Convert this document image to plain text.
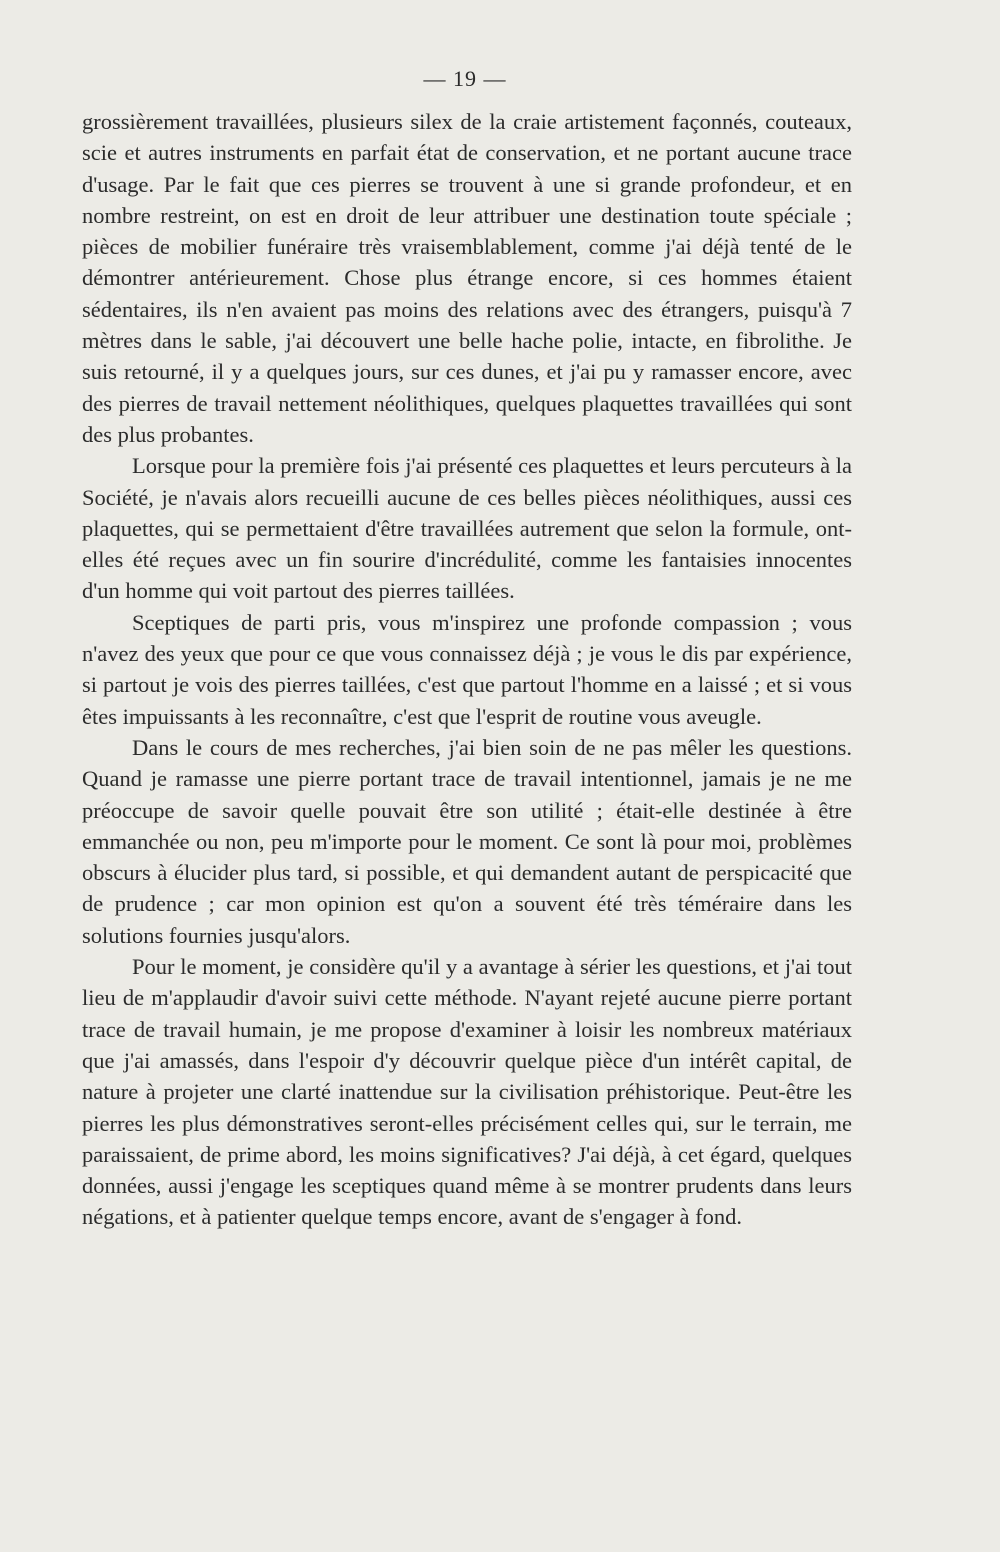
— 19 —

grossièrement travaillées, plusieurs silex de la craie artistement façonnés, couteaux, scie et autres instruments en parfait état de conservation, et ne portant aucune trace d'usage. Par le fait que ces pierres se trouvent à une si grande profondeur, et en nombre restreint, on est en droit de leur attribuer une destination toute spéciale ; pièces de mobilier funéraire très vraisemblablement, comme j'ai déjà tenté de le démontrer antérieurement. Chose plus étrange encore, si ces hommes étaient sédentaires, ils n'en avaient pas moins des relations avec des étrangers, puisqu'à 7 mètres dans le sable, j'ai découvert une belle hache polie, intacte, en fibrolithe. Je suis retourné, il y a quelques jours, sur ces dunes, et j'ai pu y ramasser encore, avec des pierres de travail nettement néolithiques, quelques plaquettes travaillées qui sont des plus probantes.

Lorsque pour la première fois j'ai présenté ces plaquettes et leurs percuteurs à la Société, je n'avais alors recueilli aucune de ces belles pièces néolithiques, aussi ces plaquettes, qui se permettaient d'être travaillées autrement que selon la formule, ont-elles été reçues avec un fin sourire d'incrédulité, comme les fantaisies innocentes d'un homme qui voit partout des pierres taillées.

Sceptiques de parti pris, vous m'inspirez une profonde compassion ; vous n'avez des yeux que pour ce que vous connaissez déjà ; je vous le dis par expérience, si partout je vois des pierres taillées, c'est que partout l'homme en a laissé ; et si vous êtes impuissants à les reconnaître, c'est que l'esprit de routine vous aveugle.

Dans le cours de mes recherches, j'ai bien soin de ne pas mêler les questions. Quand je ramasse une pierre portant trace de travail intentionnel, jamais je ne me préoccupe de savoir quelle pouvait être son utilité ; était-elle destinée à être emmanchée ou non, peu m'importe pour le moment. Ce sont là pour moi, problèmes obscurs à élucider plus tard, si possible, et qui demandent autant de perspicacité que de prudence ; car mon opinion est qu'on a souvent été très téméraire dans les solutions fournies jusqu'alors.

Pour le moment, je considère qu'il y a avantage à sérier les questions, et j'ai tout lieu de m'applaudir d'avoir suivi cette méthode. N'ayant rejeté aucune pierre portant trace de travail humain, je me propose d'examiner à loisir les nombreux matériaux que j'ai amassés, dans l'espoir d'y découvrir quelque pièce d'un intérêt capital, de nature à projeter une clarté inattendue sur la civilisation préhistorique. Peut-être les pierres les plus démonstratives seront-elles précisément celles qui, sur le terrain, me paraissaient, de prime abord, les moins significatives? J'ai déjà, à cet égard, quelques données, aussi j'engage les sceptiques quand même à se montrer prudents dans leurs négations, et à patienter quelque temps encore, avant de s'engager à fond.
